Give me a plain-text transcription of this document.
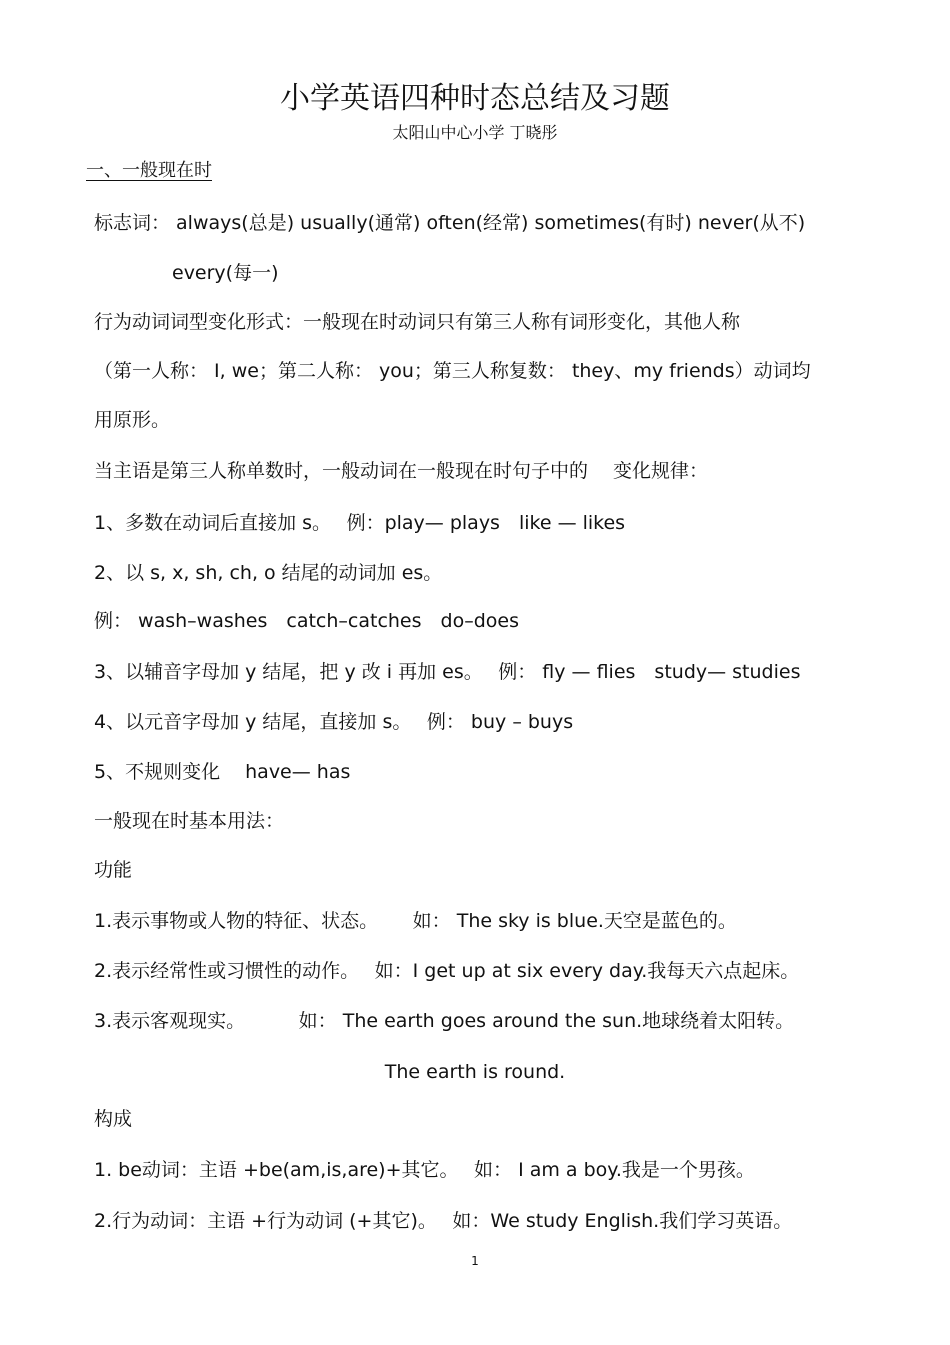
小学英语四种时态总结及习题
太阳山中心小学 丁晓彤
一、一般现在时
标志词： always(总是) usually(通常) often(经常) sometimes(有时) never(从不)
every(每一)
行为动词词型变化形式：一般现在时动词只有第三人称有词形变化，其他人称
（第一人称： I, we；第二人称： you；第三人称复数： they、my friends）动词均
用原形。
当主语是第三人称单数时，一般动词在一般现在时句子中的　 变化规律：
1、多数在动词后直接加 s。　 例：play— plays　like — likes
2、以 s, x, sh, ch, o 结尾的动词加 es。
例： wash–washes　catch–catches　do–does
3、以辅音字母加 y 结尾，把 y 改 i 再加 es。　 例： fly — flies　study— studies
4、以元音字母加 y 结尾，直接加 s。　 例： buy – buys
5、不规则变化　 have— has
一般现在时基本用法：
功能
1.表示事物或人物的特征、状态。　　 如： The sky is blue.天空是蓝色的。
2.表示经常性或习惯性的动作。　 如：I get up at six every day.我每天六点起床。
3.表示客观现实。　　　 如： The earth goes around the sun.地球绕着太阳转。
The earth is round.
构成
1. be动词：主语 +be(am,is,are)+其它。　 如： I am a boy.我是一个男孩。
2.行为动词：主语 +行为动词 (+其它)。　 如：We study English.我们学习英语。
1
